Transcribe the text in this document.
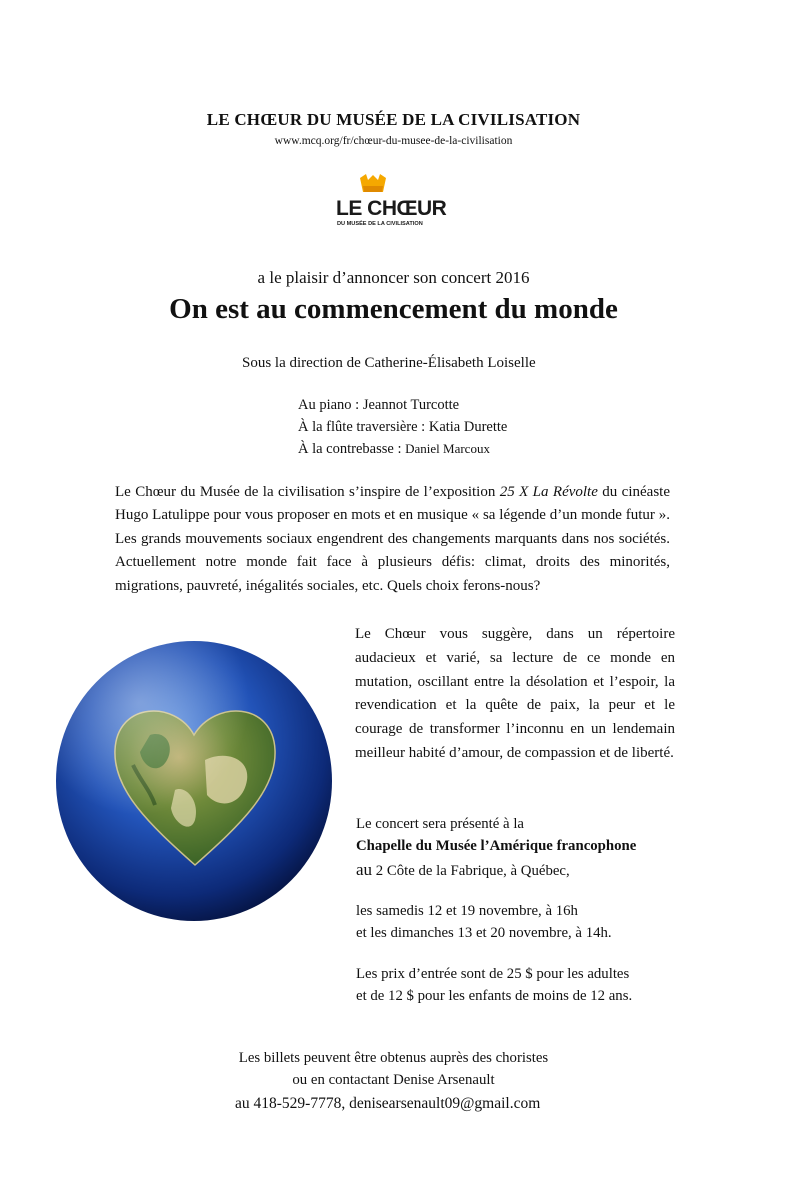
LE CHŒUR DU MUSÉE DE LA CIVILISATION
www.mcq.org/fr/chœur-du-musee-de-la-civilisation
LE CHŒUR
DU MUSÉE DE LA CIVILISATION
a le plaisir d’annoncer son concert 2016
On est au commencement du monde
Sous la direction de Catherine-Élisabeth Loiselle
Au piano : Jeannot Turcotte
À la flûte traversière : Katia Durette
À la contrebasse : Daniel Marcoux
Le Chœur du Musée de la civilisation s’inspire de l’exposition 25 X La Révolte du cinéaste Hugo Latulippe pour vous proposer en mots et en musique « sa légende d’un monde futur ». Les grands mouvements sociaux engendrent des changements marquants dans nos sociétés. Actuellement notre monde fait face à plusieurs défis: climat, droits des minorités, migrations, pauvreté, inégalités sociales, etc. Quels choix ferons-nous?
Le Chœur vous suggère, dans un répertoire audacieux et varié, sa lecture de ce monde en mutation, oscillant entre la désolation et l’espoir, la revendication et la quête de paix, la peur et le courage de transformer l’inconnu en un lendemain meilleur habité d’amour, de compassion et de liberté.
Le concert sera présenté à la
Chapelle du Musée l’Amérique francophone
au 2 Côte de la Fabrique, à Québec,
les samedis 12 et 19 novembre, à 16h
et les dimanches 13 et 20 novembre, à 14h.
Les prix d’entrée sont de 25 $ pour les adultes
et de 12 $ pour les enfants de moins de 12 ans.
Les billets peuvent être obtenus auprès des choristes
ou en contactant Denise Arsenault
au 418-529-7778, denisearsenault09@gmail.com
